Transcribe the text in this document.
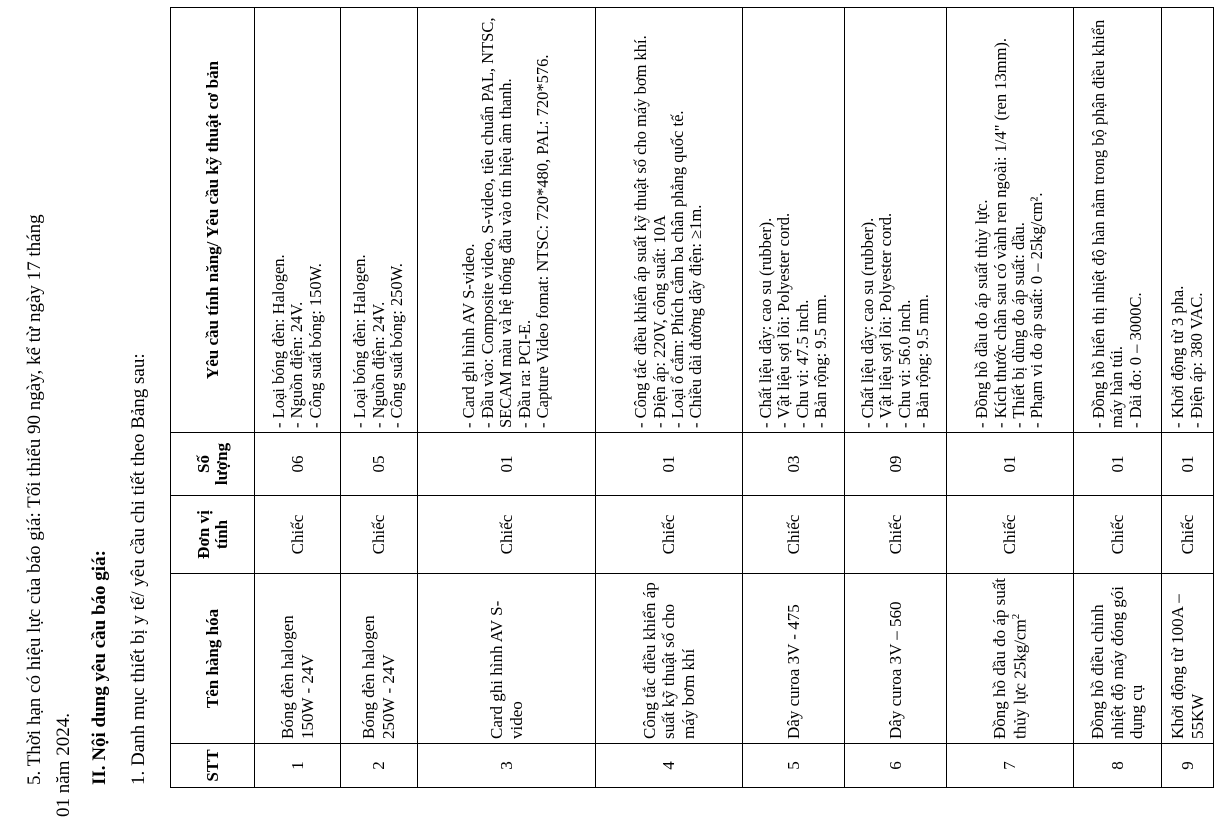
5. Thời hạn có hiệu lực của báo giá: Tối thiểu 90 ngày, kể từ ngày 17 tháng 01 năm 2024. II. Nội dung yêu cầu báo giá: 1. Danh mục thiết bị y tế/ yêu cầu chi tiết theo Bảng sau:	STT	Tên hàng hóa	Đơn vị tính	Số lượng	Yêu cầu tính năng/ Yêu cầu kỹ thuật cơ bản
1	Bóng đèn halogen 150W - 24V	Chiếc	06	- Loại bóng đèn: Halogen. - Nguồn điện: 24V. - Công suất bóng: 150W.

2	Bóng đèn halogen 250W - 24V	Chiếc	05	- Loại bóng đèn: Halogen. - Nguồn điện: 24V. - Công suất bóng: 250W.

3	Card ghi hình AV S-video	Chiếc	01	- Card ghi hình AV S-video. - Đầu vào: Composite video, S-video, tiêu chuẩn PAL, NTSC, SECAM màu và hệ thống đầu vào tín hiệu âm thanh. - Đầu ra: PCI-E. - Capture Video fomat: NTSC: 720*480, PAL: 720*576.

4	Công tắc điều khiển áp suất kỹ thuật số cho máy bơm khí	Chiếc	01	- Công tắc điều khiển áp suất kỹ thuật số cho máy bơm khí. - Điện áp: 220V, công suất: 10A - Loại ổ cắm: Phích cắm ba chân phẳng quốc tế. - Chiều dài đường dây điện: ≥1m.

5	Dây curoa 3V - 475	Chiếc	03	- Chất liệu dây: cao su (rubber). - Vật liệu sợi lõi: Polyester cord. - Chu vi: 47.5 inch. - Bản rộng: 9.5 mm.

6	Dây curoa 3V – 560	Chiếc	09	- Chất liệu dây: cao su (rubber). - Vật liệu sợi lõi: Polyester cord. - Chu vi: 56.0 inch. - Bản rộng: 9.5 mm.

7	Đồng hồ dầu đo áp suất thủy lực $25kg/cm^2$	Chiếc	01	- Đồng hồ dầu đo áp suất thủy lực. - Kích thước chân sau có vành ren ngoài: 1/4" (ren 13mm). - Thiết bị dùng đo áp suất: dầu. - Phạm vi đo áp suất: 0 – 25kg/cm².

8	Đồng hồ điều chỉnh nhiệt độ máy đóng gói dụng cụ	Chiếc	01	- Đồng hồ hiển thị nhiệt độ hàn nằm trong bộ phận điều khiển máy hàn túi. - Dải đo: 0 – 3000C.

9	Khởi động từ 100A – 55KW	Chiếc	01	- Khởi động từ 3 pha. - Điện áp: 380 VAC.
